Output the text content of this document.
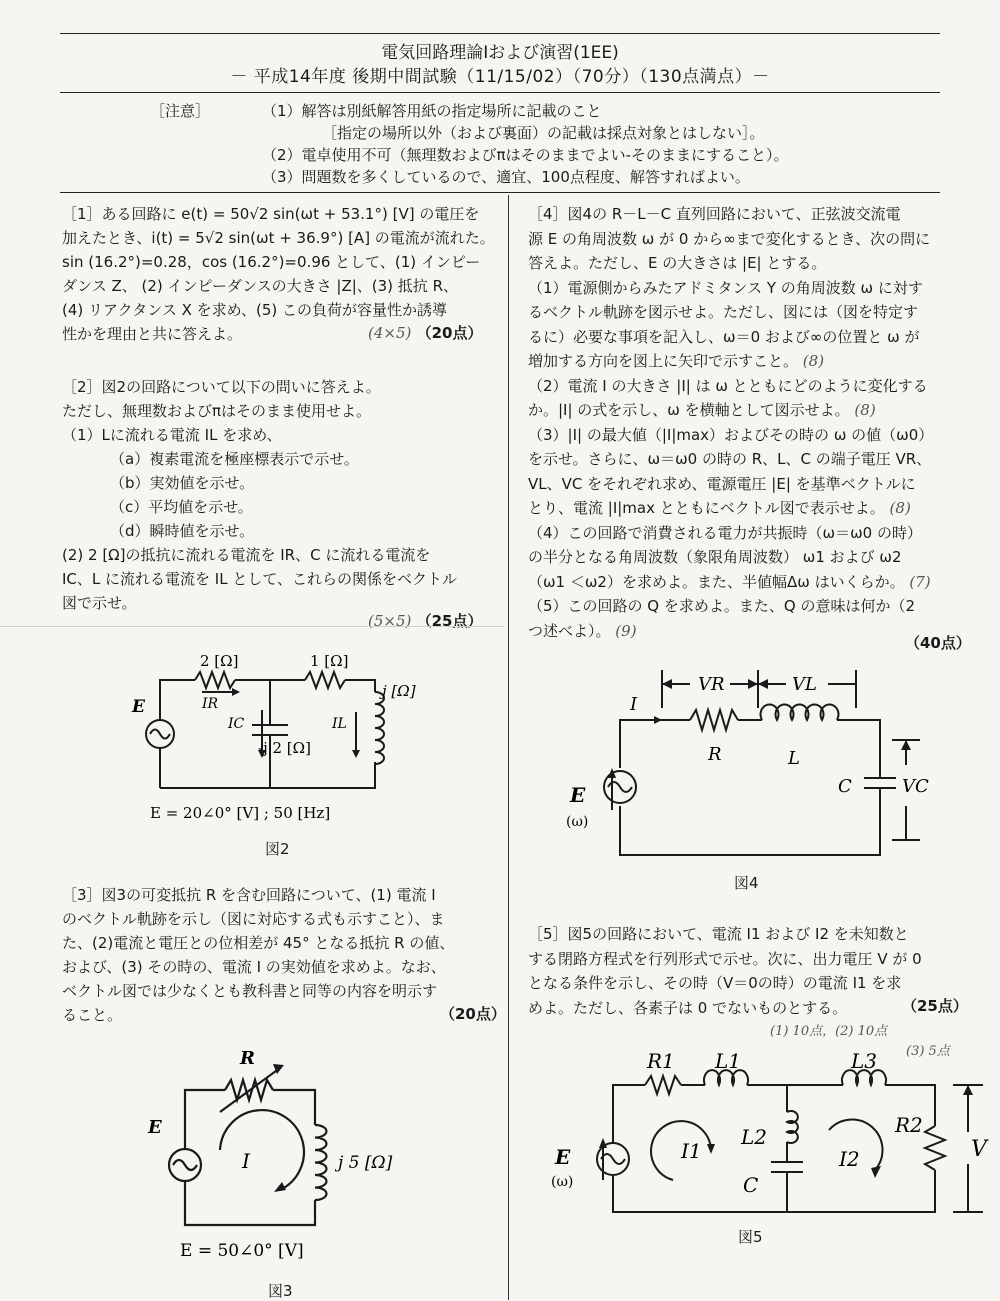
電気回路理論Ⅰおよび演習(1EE)
－ 平成14年度 後期中間試験（11/15/02）（70分）（130点満点）－
［注意］	（1）解答は別紙解答用紙の指定場所に記載のこと
［指定の場所以外（および裏面）の記載は採点対象とはしない］。
（2）電卓使用不可（無理数およびπはそのままでよい-そのままにすること）。
（3）問題数を多くしているので、適宜、100点程度、解答すればよい。

［1］ある回路に e(t) = 50√2 sin(ωt + 53.1°) [V] の電圧を

加えたとき、i(t) = 5√2 sin(ωt + 36.9°) [A] の電流が流れた。

sin (16.2°)=0.28，cos (16.2°)=0.96 として、(1) インピー

ダンス Z、 (2) インピーダンスの大きさ |Z|、(3) 抵抗 R、

(4) リアクタンス X を求め、(5) この負荷が容量性か誘導

性かを理由と共に答えよ。	(4×5) （20点）

［2］図2の回路について以下の問いに答えよ。

ただし、無理数およびπはそのまま使用せよ。

（1）Lに流れる電流 IL を求め、

（a）複素電流を極座標表示で示せ。

（b）実効値を示せ。

（c）平均値を示せ。

（d）瞬時値を示せ。

(2) 2 [Ω]の抵抗に流れる電流を IR、C に流れる電流を

IC、L に流れる電流を IL として、これらの関係をベクトル

図で示せ。

(5×5) （25点）
2 [Ω]	1 [Ω]
j [Ω]
-j 2 [Ω]
E	IR
IC	IL
E = 20∠0° [V] ; 50 [Hz]
図2

［3］図3の可変抵抗 R を含む回路について、(1) 電流 I

のベクトル軌跡を示し（図に対応する式も示すこと）、ま

た、(2)電流と電圧との位相差が 45° となる抵抗 R の値、

および、(3) その時の、電流 I の実効値を求めよ。なお、

ベクトル図では少なくとも教科書と同等の内容を明示す

ること。	（20点）
R
E
I	j 5 [Ω]
E = 50∠0° [V]
図3

［4］図4の R－L－C 直列回路において、正弦波交流電

源 E の角周波数 ω が 0 から∞まで変化するとき、次の問に

答えよ。ただし、E の大きさは |E| とする。

（1）電源側からみたアドミタンス Y の角周波数 ω に対す

るベクトル軌跡を図示せよ。ただし、図には（図を特定す

るに）必要な事項を記入し、ω＝0 および∞の位置と ω が

増加する方向を図上に矢印で示すこと。 (8)

（2）電流 I の大きさ |I| は ω とともにどのように変化する

か。|I| の式を示し、ω を横軸として図示せよ。 (8)

（3）|I| の最大値（|I|max）およびその時の ω の値（ω0）

を示せ。さらに、ω＝ω0 の時の R、L、C の端子電圧 VR、

VL、VC をそれぞれ求め、電源電圧 |E| を基準ベクトルに

とり、電流 |I|max とともにベクトル図で表示せよ。 (8)

（4）この回路で消費される電力が共振時（ω＝ω0 の時）

の半分となる角周波数（象限角周波数） ω1 および ω2

（ω1 ＜ω2）を求めよ。また、半値幅Δω はいくらか。 (7)

（5）この回路の Q を求めよ。また、Q の意味は何か（2

つ述べよ）。 (9)

（40点）
VR	VL
VC
I
R	L
C
E
(ω)
図4

［5］図5の回路において、電流 I1 および I2 を未知数と

する閉路方程式を行列形式で示せ。次に、出力電圧 V が 0

となる条件を示し、その時（V＝0の時）の電流 I1 を求

めよ。ただし、各素子は 0 でないものとする。	（25点）
(1) 10点，(2) 10点
(3) 5点
R1 L1	L3
L2
C
R2
E
(ω)
I1	I2	V
図5
